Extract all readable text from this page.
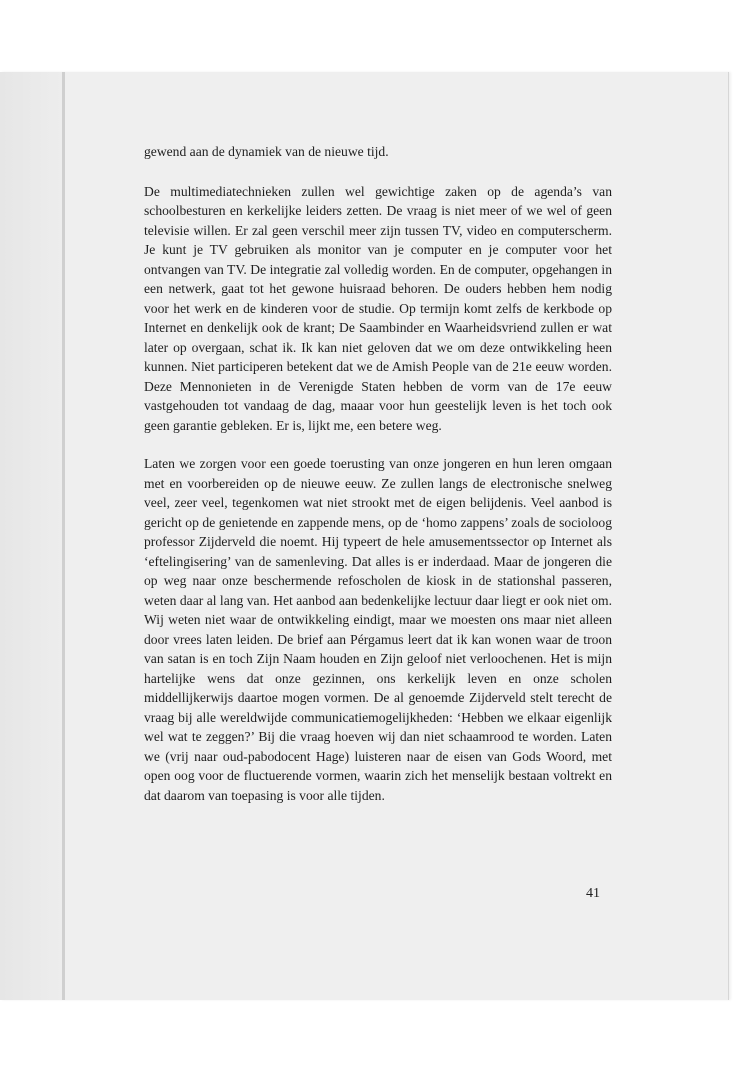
gewend aan de dynamiek van de nieuwe tijd.

De multimediatechnieken zullen wel gewichtige zaken op de agenda’s van schoolbesturen en kerkelijke leiders zetten. De vraag is niet meer of we wel of geen televisie willen. Er zal geen verschil meer zijn tussen TV, video en computerscherm. Je kunt je TV gebruiken als monitor van je computer en je computer voor het ontvangen van TV. De integratie zal volledig worden. En de computer, opgehangen in een netwerk, gaat tot het gewone huisraad behoren. De ouders hebben hem nodig voor het werk en de kinderen voor de studie. Op termijn komt zelfs de kerkbode op Internet en denkelijk ook de krant; De Saambinder en Waarheidsvriend zullen er wat later op overgaan, schat ik. Ik kan niet geloven dat we om deze ontwikkeling heen kunnen. Niet participeren betekent dat we de Amish People van de 21e eeuw worden. Deze Mennonieten in de Verenigde Staten hebben de vorm van de 17e eeuw vastgehouden tot vandaag de dag, maaar voor hun geestelijk leven is het toch ook geen garantie gebleken. Er is, lijkt me, een betere weg.

Laten we zorgen voor een goede toerusting van onze jongeren en hun leren omgaan met en voorbereiden op de nieuwe eeuw. Ze zullen langs de electronische snelweg veel, zeer veel, tegenkomen wat niet strookt met de eigen belijdenis. Veel aanbod is gericht op de genietende en zappende mens, op de ‘homo zappens’ zoals de socioloog professor Zijderveld die noemt. Hij typeert de hele amusementssector op Internet als ‘eftelingisering’ van de samenleving. Dat alles is er inderdaad. Maar de jongeren die op weg naar onze beschermende refoscholen de kiosk in de stationshal passeren, weten daar al lang van. Het aanbod aan bedenkelijke lectuur daar liegt er ook niet om. Wij weten niet waar de ontwikkeling eindigt, maar we moesten ons maar niet alleen door vrees laten leiden. De brief aan Pérgamus leert dat ik kan wonen waar de troon van satan is en toch Zijn Naam houden en Zijn geloof niet verloochenen. Het is mijn hartelijke wens dat onze gezinnen, ons kerkelijk leven en onze scholen middellijkerwijs daartoe mogen vormen. De al genoemde Zijderveld stelt terecht de vraag bij alle wereldwijde communicatiemogelijkheden: ‘Hebben we elkaar eigenlijk wel wat te zeggen?’ Bij die vraag hoeven wij dan niet schaamrood te worden. Laten we (vrij naar oud-pabodocent Hage) luisteren naar de eisen van Gods Woord, met open oog voor de fluctuerende vormen, waarin zich het menselijk bestaan voltrekt en dat daarom van toepasing is voor alle tijden.

41
